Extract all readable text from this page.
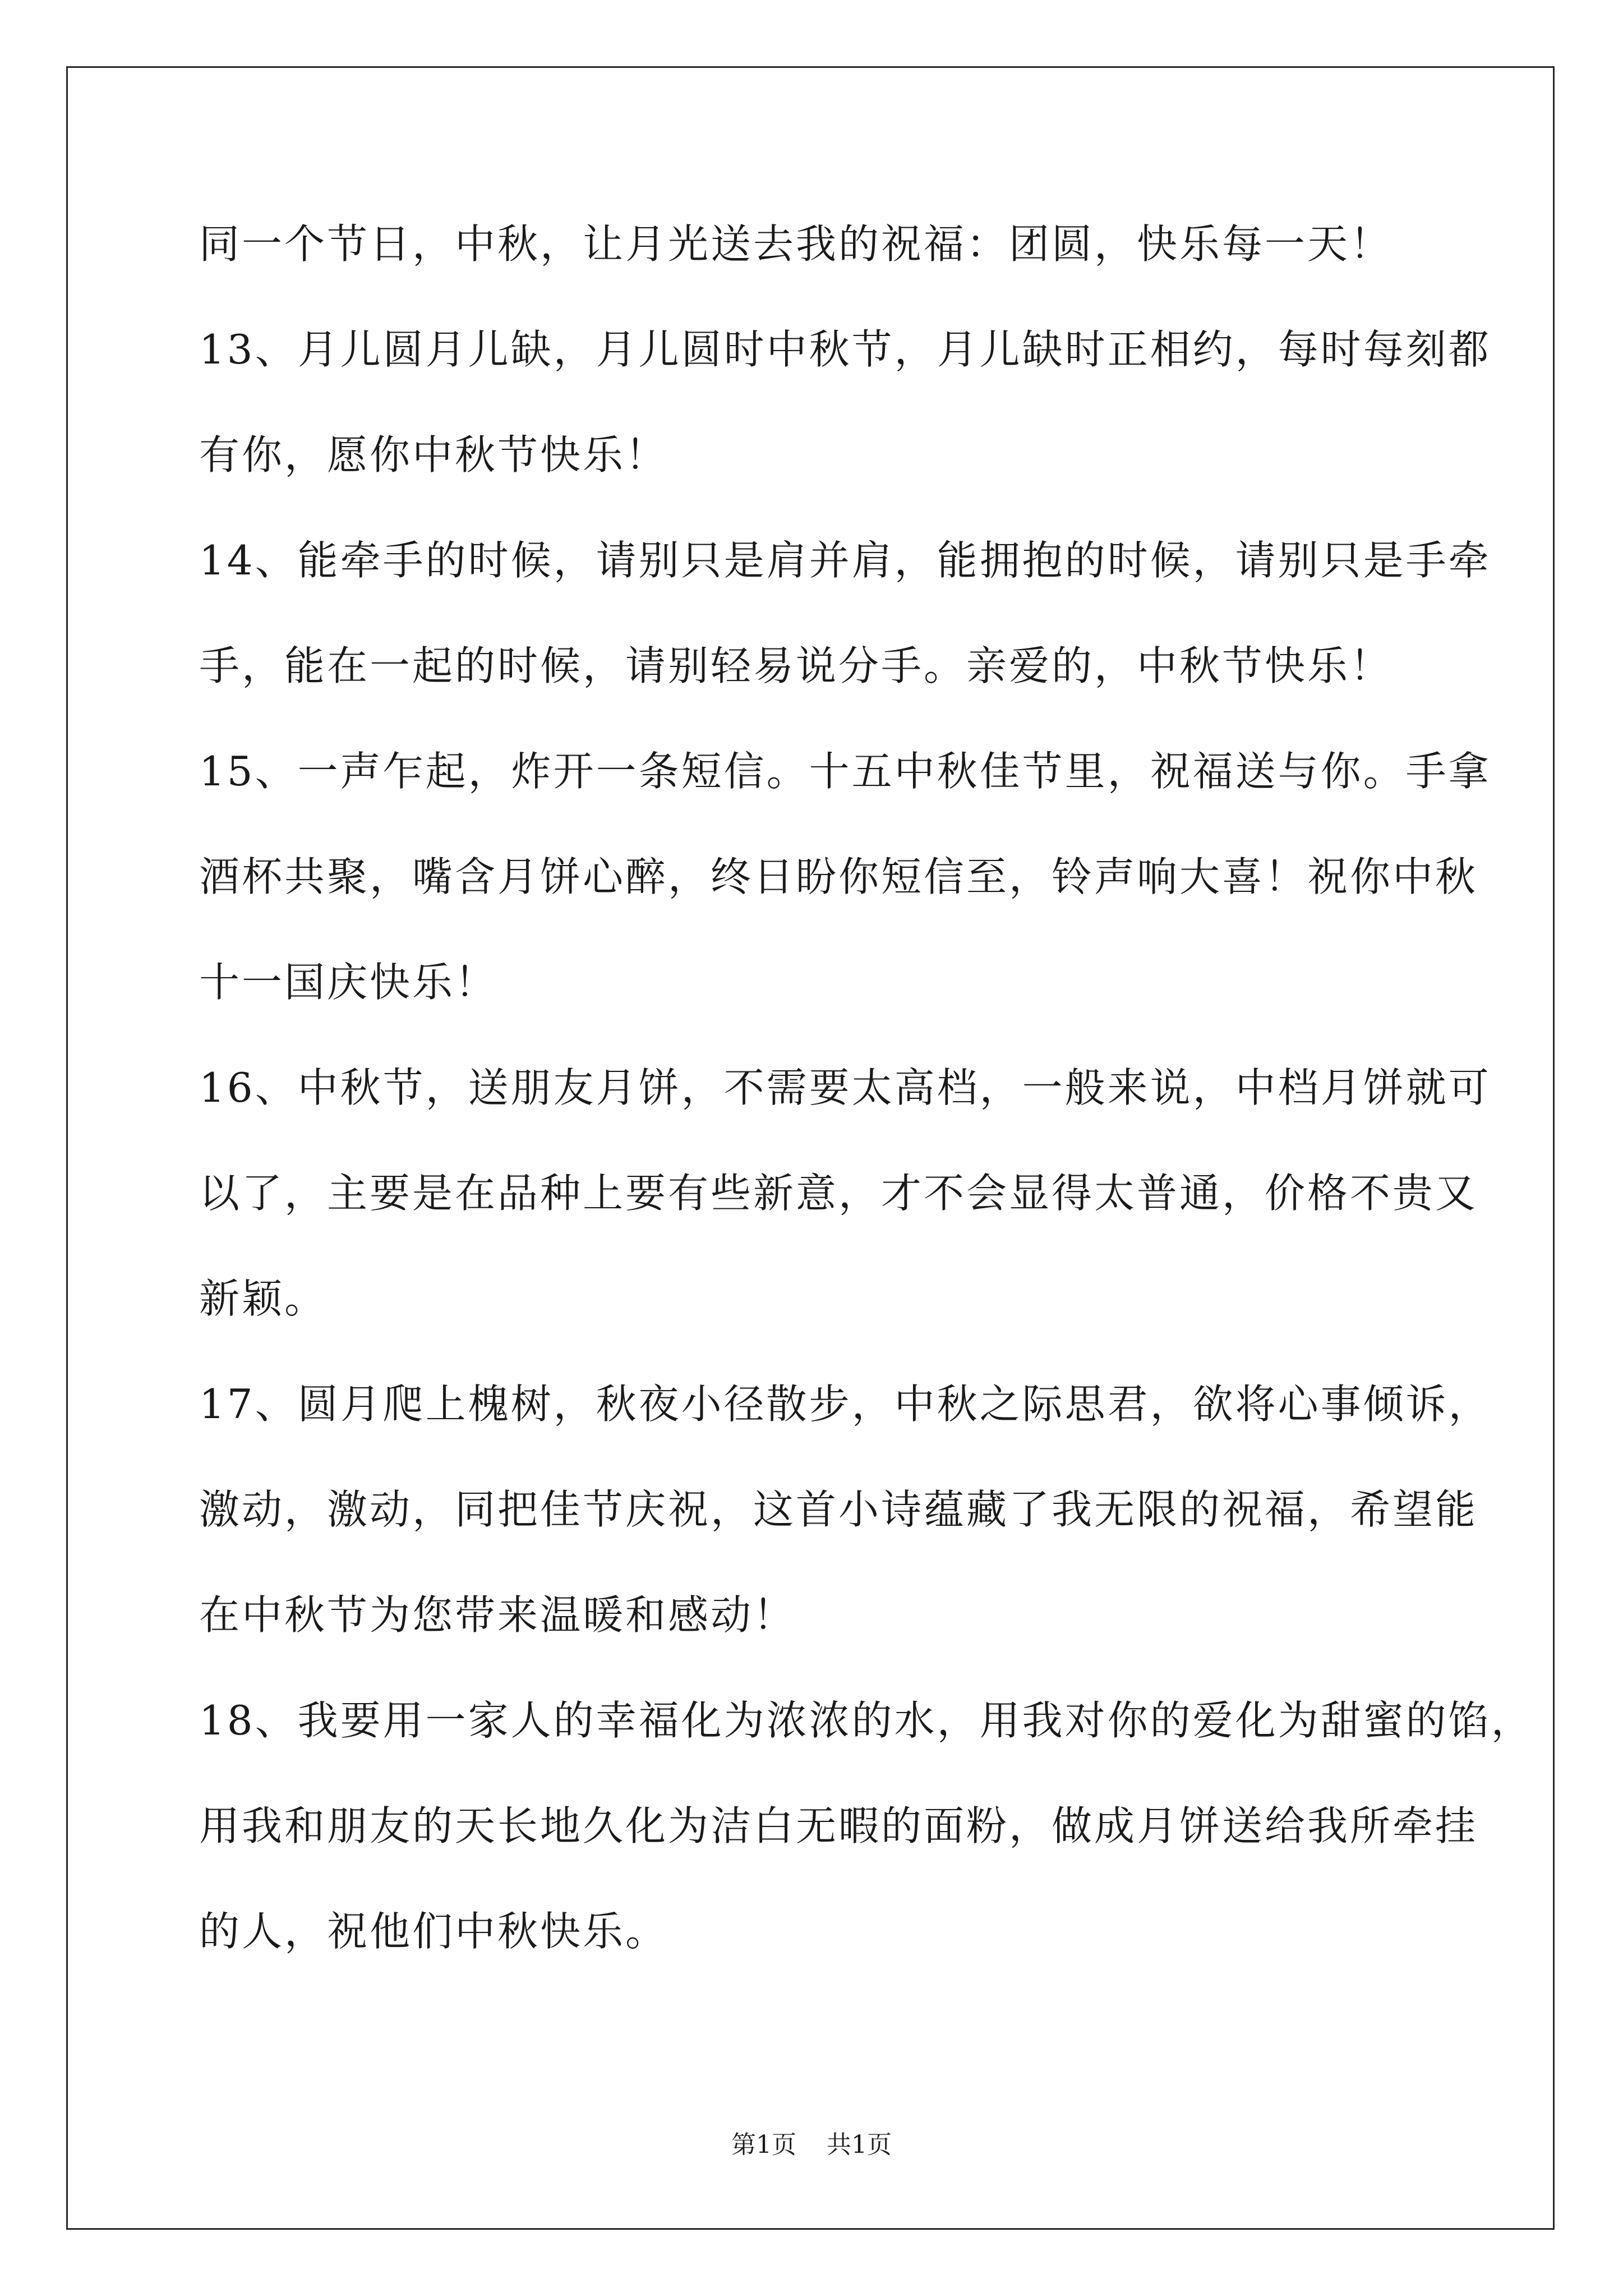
同一个节日，中秋，让月光送去我的祝福：团圆，快乐每一天！
13、月儿圆月儿缺，月儿圆时中秋节，月儿缺时正相约，每时每刻都
有你，愿你中秋节快乐！
14、能牵手的时候，请别只是肩并肩，能拥抱的时候，请别只是手牵
手，能在一起的时候，请别轻易说分手。亲爱的，中秋节快乐！
15、一声乍起，炸开一条短信。十五中秋佳节里，祝福送与你。手拿
酒杯共聚，嘴含月饼心醉，终日盼你短信至，铃声响大喜！祝你中秋
十一国庆快乐！
16、中秋节，送朋友月饼，不需要太高档，一般来说，中档月饼就可
以了，主要是在品种上要有些新意，才不会显得太普通，价格不贵又
新颖。
17、圆月爬上槐树，秋夜小径散步，中秋之际思君，欲将心事倾诉，
激动，激动，同把佳节庆祝，这首小诗蕴藏了我无限的祝福，希望能
在中秋节为您带来温暖和感动！
18、我要用一家人的幸福化为浓浓的水，用我对你的爱化为甜蜜的馅，
用我和朋友的天长地久化为洁白无暇的面粉，做成月饼送给我所牵挂
的人，祝他们中秋快乐。
第1页 共1页
